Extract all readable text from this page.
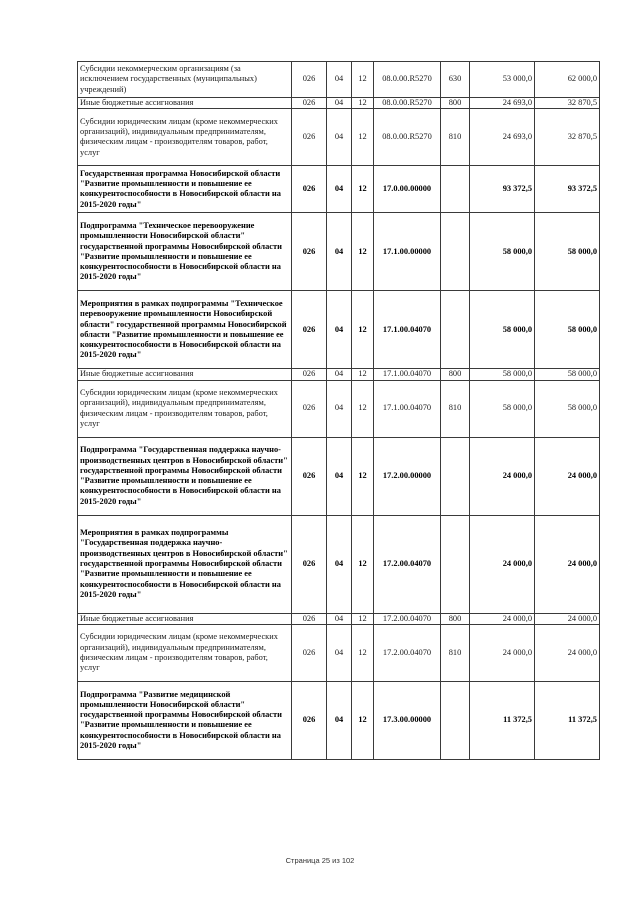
Субсидии некоммерческим организациям (за исключением государственных (муниципальных) учреждений)	026	04	12	08.0.00.R5270	630	53 000,0	62 000,0
Иные бюджетные ассигнования	026	04	12	08.0.00.R5270	800	24 693,0	32 870,5
Субсидии юридическим лицам (кроме некоммерческих организаций), индивидуальным предпринимателям, физическим лицам - производителям товаров, работ, услуг	026	04	12	08.0.00.R5270	810	24 693,0	32 870,5
Государственная программа Новосибирской области "Развитие промышленности и повышение ее конкурентоспособности в Новосибирской области на 2015-2020 годы"	026	04	12	17.0.00.00000		93 372,5	93 372,5
Подпрограмма "Техническое перевооружение промышленности Новосибирской области" государственной программы Новосибирской области "Развитие промышленности и повышение ее конкурентоспособности в Новосибирской области на 2015-2020 годы"	026	04	12	17.1.00.00000		58 000,0	58 000,0
Мероприятия в рамках подпрограммы "Техническое перевооружение промышленности Новосибирской области" государственной программы Новосибирской области "Развитие промышленности и повышение ее конкурентоспособности в Новосибирской области на 2015-2020 годы"	026	04	12	17.1.00.04070		58 000,0	58 000,0
Иные бюджетные ассигнования	026	04	12	17.1.00.04070	800	58 000,0	58 000,0
Субсидии юридическим лицам (кроме некоммерческих организаций), индивидуальным предпринимателям, физическим лицам - производителям товаров, работ, услуг	026	04	12	17.1.00.04070	810	58 000,0	58 000,0
Подпрограмма "Государственная поддержка научно-производственных центров в Новосибирской области" государственной программы Новосибирской области "Развитие промышленности и повышение ее конкурентоспособности в Новосибирской области на 2015-2020 годы"	026	04	12	17.2.00.00000		24 000,0	24 000,0
Мероприятия в рамках подпрограммы "Государственная поддержка научно-производственных центров в Новосибирской области" государственной программы Новосибирской области "Развитие промышленности и повышение ее конкурентоспособности в Новосибирской области на 2015-2020 годы"	026	04	12	17.2.00.04070		24 000,0	24 000,0
Иные бюджетные ассигнования	026	04	12	17.2.00.04070	800	24 000,0	24 000,0
Субсидии юридическим лицам (кроме некоммерческих организаций), индивидуальным предпринимателям, физическим лицам - производителям товаров, работ, услуг	026	04	12	17.2.00.04070	810	24 000,0	24 000,0
Подпрограмма "Развитие медицинской промышленности Новосибирской области" государственной программы Новосибирской области "Развитие промышленности и повышение ее конкурентоспособности в Новосибирской области на 2015-2020 годы"	026	04	12	17.3.00.00000		11 372,5	11 372,5
Страница 25 из 102
